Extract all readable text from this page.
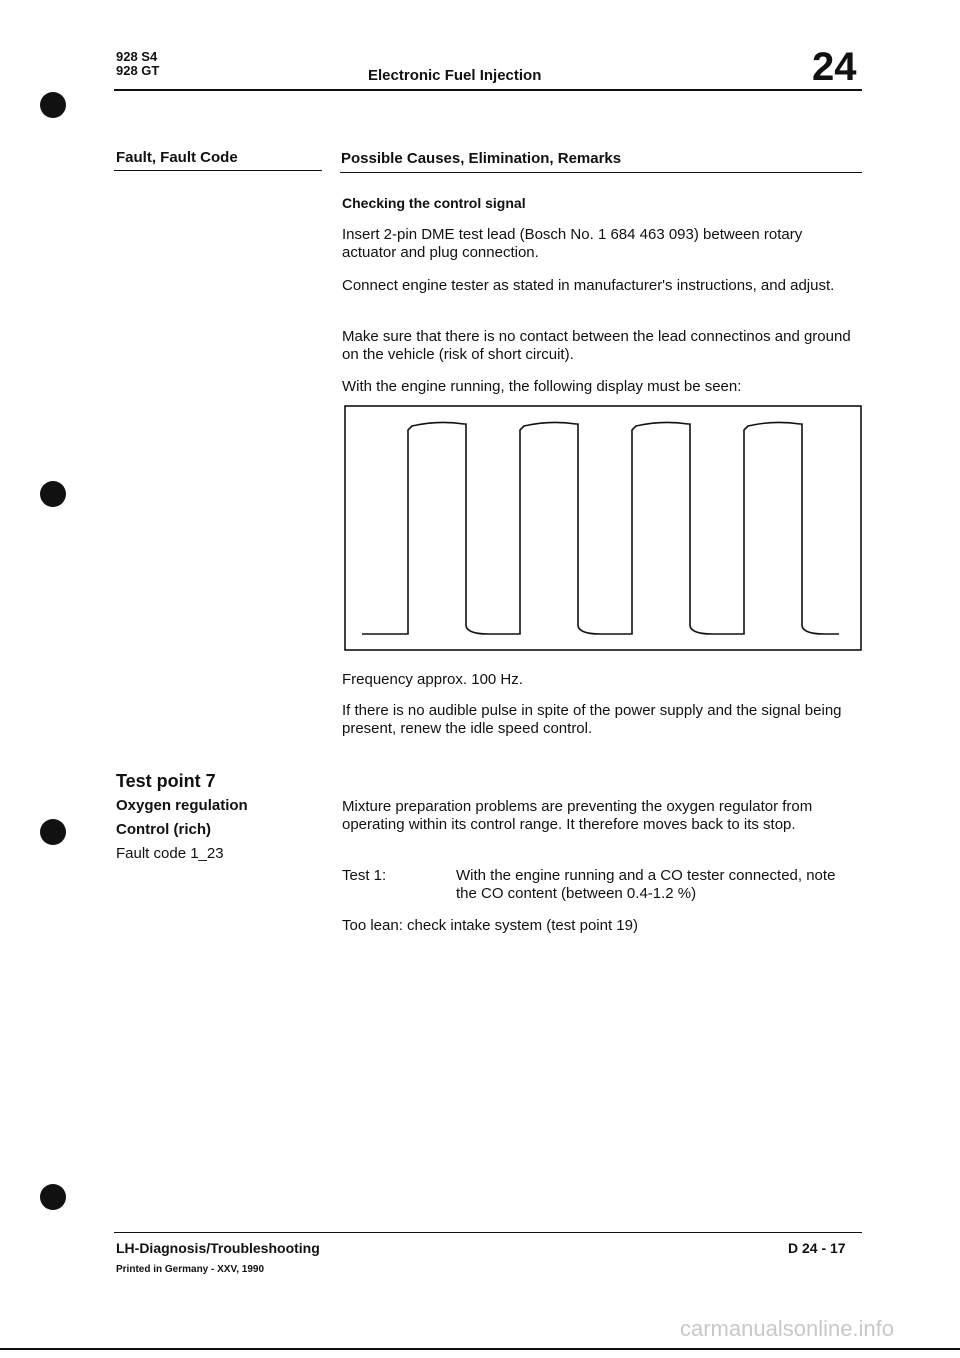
928 S4
928 GT	Electronic Fuel Injection	24
Fault, Fault Code	Possible Causes, Elimination, Remarks
Checking the control signal
Insert 2-pin DME test lead (Bosch No. 1 684 463 093) between rotary actuator and plug connection.
Connect engine tester as stated in manufacturer's instructions, and adjust.
Make sure that there is no contact between the lead connectinos and ground on the vehicle (risk of short circuit).
With the engine running, the following display must be seen:
Frequency approx. 100 Hz.
If there is no audible pulse in spite of the power supply and the signal being present, renew the idle speed control.
Test point 7
Oxygen regulation
Control (rich)
Fault code 1_23
Mixture preparation problems are preventing the oxygen regulator from operating within its control range. It therefore moves back to its stop.
Test 1:	With the engine running and a CO tester connected, note the CO content (between 0.4-1.2 %)
Too lean: check intake system (test point 19)
LH-Diagnosis/Troubleshooting
Printed in Germany - XXV, 1990
D 24 - 17
carmanualsonline.info
